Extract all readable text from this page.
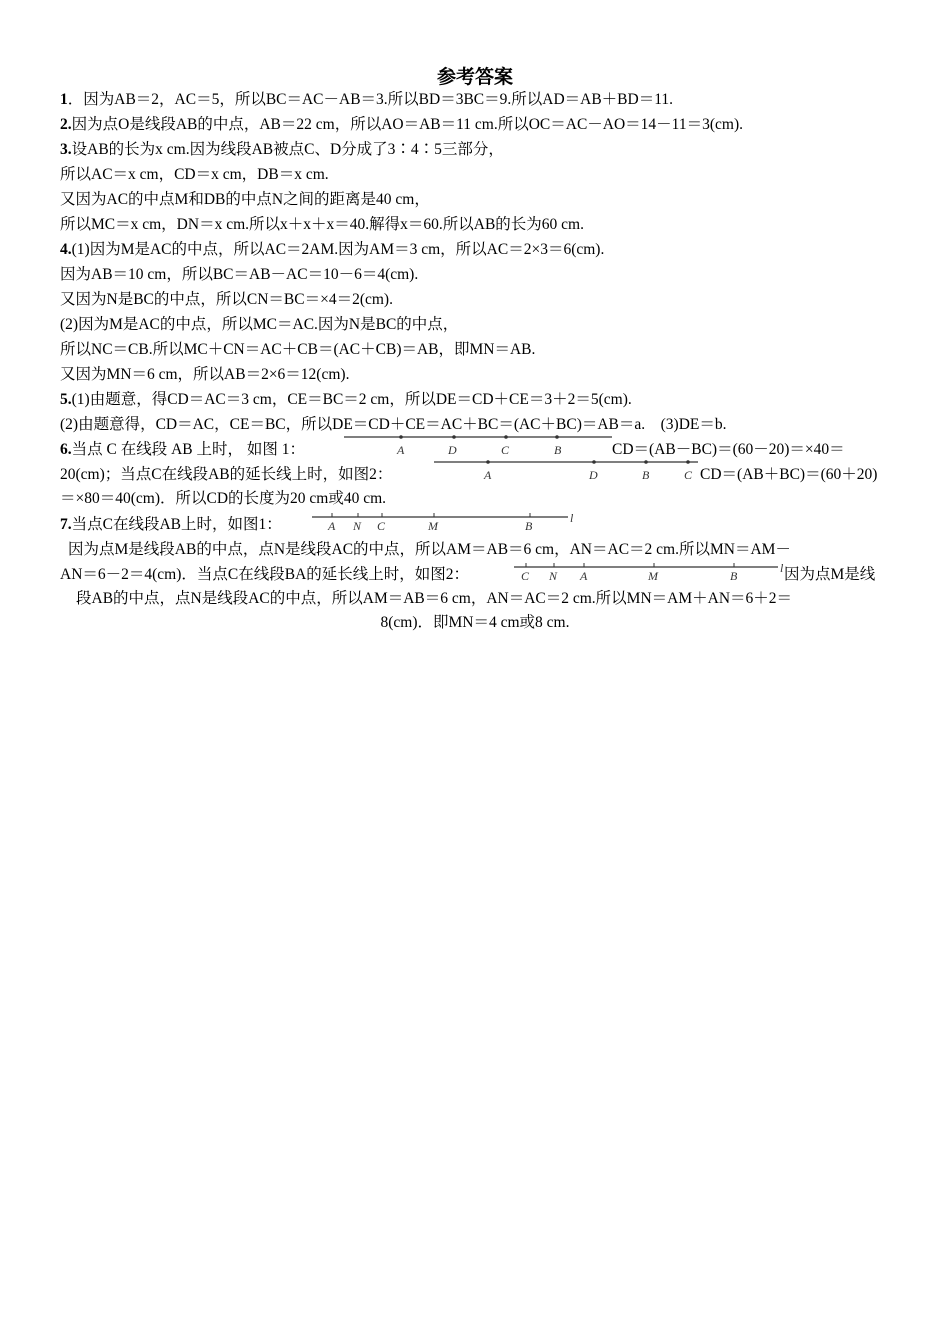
参考答案
1．因为AB＝2，AC＝5，所以BC＝AC－AB＝3.所以BD＝3BC＝9.所以AD＝AB＋BD＝11.
2.因为点O是线段AB的中点，AB＝22 cm，所以AO＝AB＝11 cm.所以OC＝AC－AO＝14－11＝3(cm).
3.设AB的长为x cm.因为线段AB被点C、D分成了3∶4∶5三部分，
所以AC＝x cm，CD＝x cm，DB＝x cm.
又因为AC的中点M和DB的中点N之间的距离是40 cm，
所以MC＝x cm，DN＝x cm.所以x＋x＋x＝40.解得x＝60.所以AB的长为60 cm.
4.(1)因为M是AC的中点，所以AC＝2AM.因为AM＝3 cm，所以AC＝2×3＝6(cm).
因为AB＝10 cm，所以BC＝AB－AC＝10－6＝4(cm).
又因为N是BC的中点，所以CN＝BC＝×4＝2(cm).
(2)因为M是AC的中点，所以MC＝AC.因为N是BC的中点，
所以NC＝CB.所以MC＋CN＝AC＋CB＝(AC＋CB)＝AB，即MN＝AB.
又因为MN＝6 cm，所以AB＝2×6＝12(cm).
5.(1)由题意，得CD＝AC＝3 cm，CE＝BC＝2 cm，所以DE＝CD＋CE＝3＋2＝5(cm).
(2)由题意得，CD＝AC，CE＝BC，所以DE＝CD＋CE＝AC＋BC＝(AC＋BC)＝AB＝a.　(3)DE＝b.
6.当点 C 在线段 AB 上时， 如图 1：	A	D	C	B	CD＝(AB－BC)＝(60－20)＝×40＝
20(cm)；当点C在线段AB的延长线上时，如图2：	A	D	B	C CD＝(AB＋BC)＝(60＋20)
＝×80＝40(cm)．所以CD的长度为20 cm或40 cm.
7.当点C在线段AB上时，如图1：	A N C	M	B
l
因为点M是线段AB的中点，点N是线段AC的中点，所以AM＝AB＝6 cm，AN＝AC＝2 cm.所以MN＝AM－
AN＝6－2＝4(cm)．当点C在线段BA的延长线上时，如图2：	C N A	M	B
l 因为点M是线
段AB的中点，点N是线段AC的中点，所以AM＝AB＝6 cm，AN＝AC＝2 cm.所以MN＝AM＋AN＝6＋2＝
8(cm)．即MN＝4 cm或8 cm.
